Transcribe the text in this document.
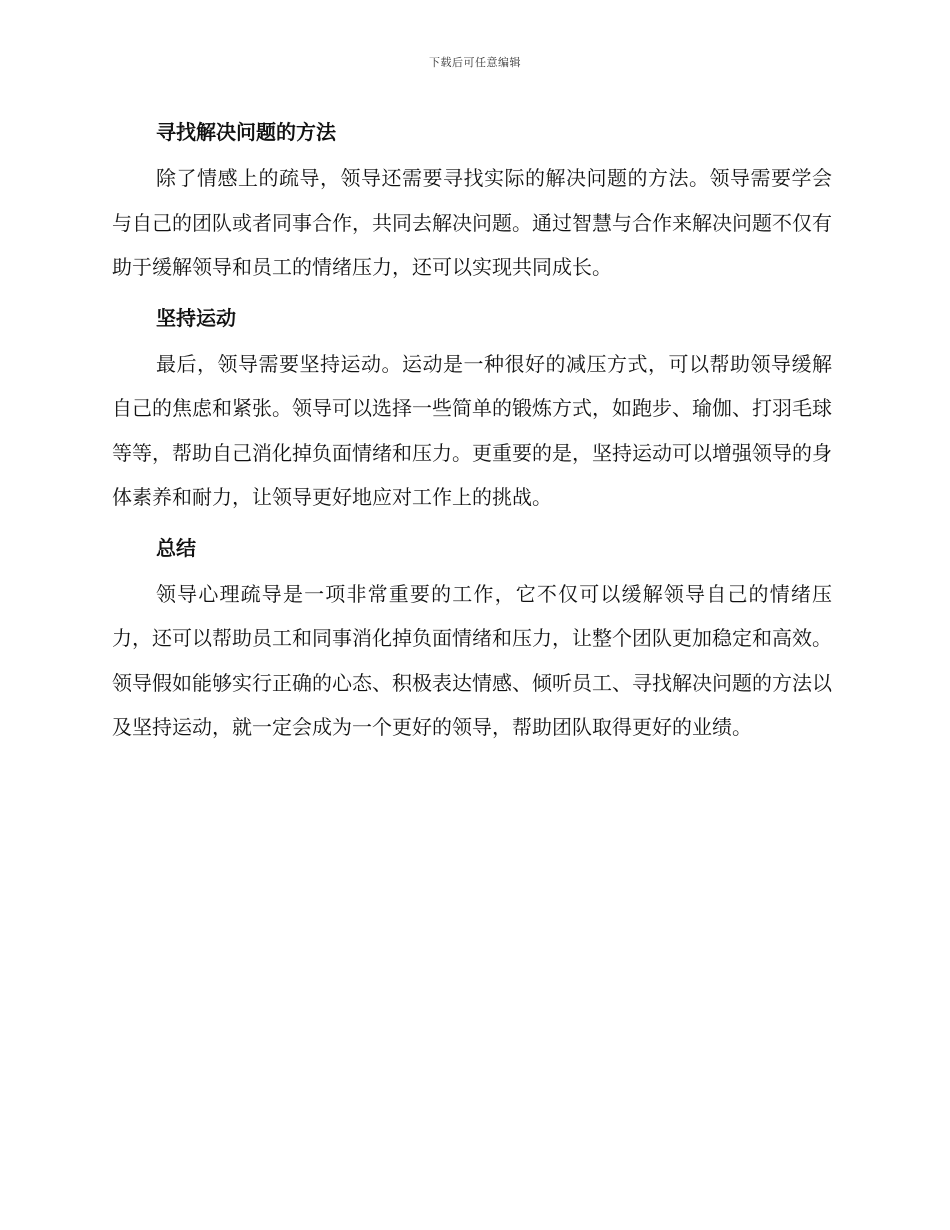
下载后可任意编辑
寻找解决问题的方法

除了情感上的疏导，领导还需要寻找实际的解决问题的方法。领导需要学会与自己的团队或者同事合作，共同去解决问题。通过智慧与合作来解决问题不仅有助于缓解领导和员工的情绪压力，还可以实现共同成长。

坚持运动

最后，领导需要坚持运动。运动是一种很好的减压方式，可以帮助领导缓解自己的焦虑和紧张。领导可以选择一些简单的锻炼方式，如跑步、瑜伽、打羽毛球等等，帮助自己消化掉负面情绪和压力。更重要的是，坚持运动可以增强领导的身体素养和耐力，让领导更好地应对工作上的挑战。

总结

领导心理疏导是一项非常重要的工作，它不仅可以缓解领导自己的情绪压力，还可以帮助员工和同事消化掉负面情绪和压力，让整个团队更加稳定和高效。领导假如能够实行正确的心态、积极表达情感、倾听员工、寻找解决问题的方法以及坚持运动，就一定会成为一个更好的领导，帮助团队取得更好的业绩。
